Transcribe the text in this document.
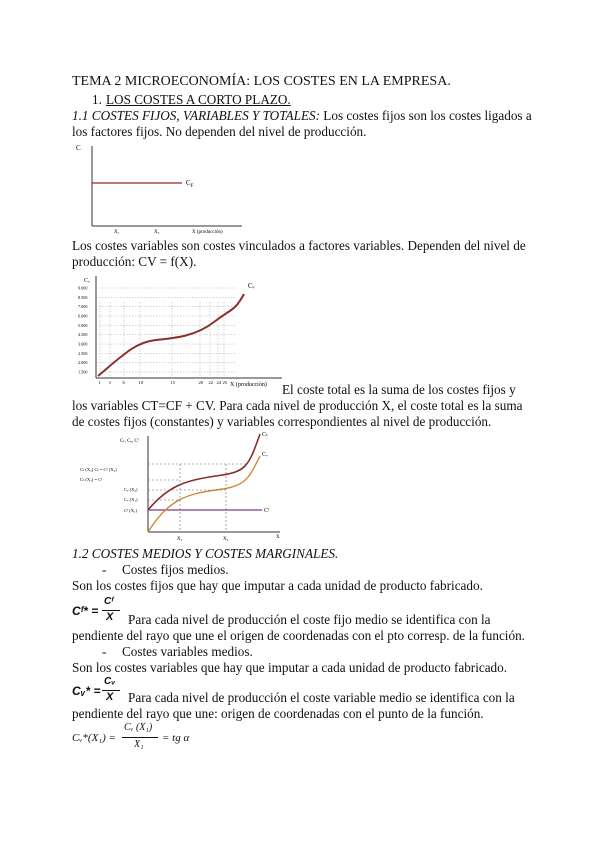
TEMA 2 MICROECONOMÍA: LOS COSTES EN LA EMPRESA.
1. LOS COSTES A CORTO PLAZO.
1.1 COSTES FIJOS, VARIABLES Y TOTALES: Los costes fijos son los costes ligados a
los factores fijos. No dependen del nivel de producción.
C
$C_F$
X₁	X₂	X (producción)
Los costes variables son costes vinculados a factores variables. Dependen del nivel de
producción: CV = f(X).
Cᵥ
Cᵥ
9.000
8.500
7.000
6.000
5.000
4.500
3.600
2.500
2.000
1.500
1 3	6	10	15	20 22 24 25 X (producción) El coste total es la suma de los costes fijos y
los variables CT=CF + CV. Para cada nivel de producción X, el coste total es la suma
de costes fijos (constantes) y variables correspondientes al nivel de producción.
Cₜ, Cᵥ, Cᶠ
Cₜ
Cᵥ
Cᶠ
Cₜ (X₂) Cₜ = Cᶠ (X₂)
Cₜ (X₁) = Cᶠ
Cᵥ (X₂)
Cᵥ (X₁)
Cᶠ (X₁)
X₁	X₂	X
1.2 COSTES MEDIOS Y COSTES MARGINALES.
- Costes fijos medios.
Son los costes fijos que hay que imputar a cada unidad de producto fabricado.
Cᶠ* =
Cᶠ
X Para cada nivel de producción el coste fijo medio se identifica con la
pendiente del rayo que une el origen de coordenadas con el pto corresp. de la función.
- Costes variables medios.
Son los costes variables que hay que imputar a cada unidad de producto fabricado.
Cᵥ* =
Cᵥ
X Para cada nivel de producción el coste variable medio se identifica con la
pendiente del rayo que une: origen de coordenadas con el punto de la función.
Cᵥ*(X₁) =
Cᵥ (X₁)
X₁
= tg α
